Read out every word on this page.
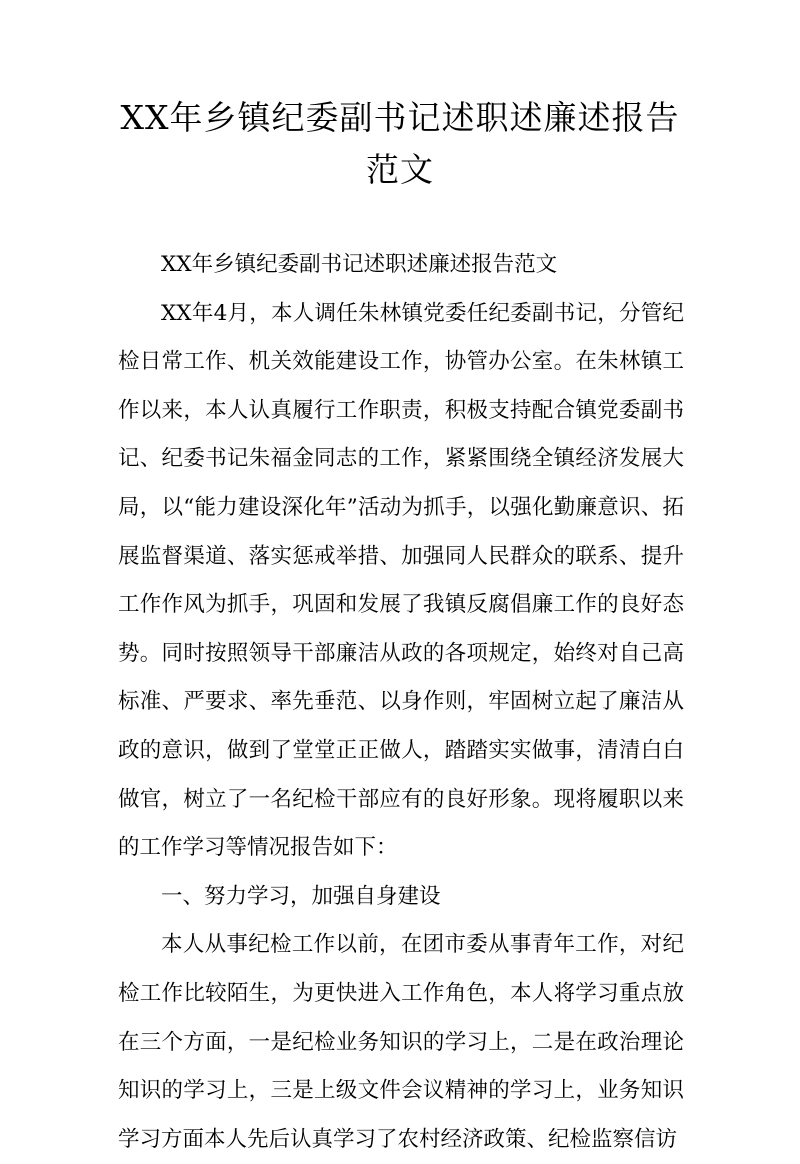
XX年乡镇纪委副书记述职述廉述报告范文

XX年乡镇纪委副书记述职述廉述报告范文

XX年4月，本人调任朱林镇党委任纪委副书记，分管纪检日常工作、机关效能建设工作，协管办公室。在朱林镇工作以来，本人认真履行工作职责，积极支持配合镇党委副书记、纪委书记朱福金同志的工作，紧紧围绕全镇经济发展大局，以“能力建设深化年”活动为抓手，以强化勤廉意识、拓展监督渠道、落实惩戒举措、加强同人民群众的联系、提升工作作风为抓手，巩固和发展了我镇反腐倡廉工作的良好态势。同时按照领导干部廉洁从政的各项规定，始终对自己高标准、严要求、率先垂范、以身作则，牢固树立起了廉洁从政的意识，做到了堂堂正正做人，踏踏实实做事，清清白白做官，树立了一名纪检干部应有的良好形象。现将履职以来的工作学习等情况报告如下：

一、努力学习，加强自身建设

本人从事纪检工作以前，在团市委从事青年工作，对纪检工作比较陌生，为更快进入工作角色，本人将学习重点放在三个方面，一是纪检业务知识的学习上，二是在政治理论知识的学习上，三是上级文件会议精神的学习上，业务知识学习方面本人先后认真学习了农村经济政策、纪检监察信访
